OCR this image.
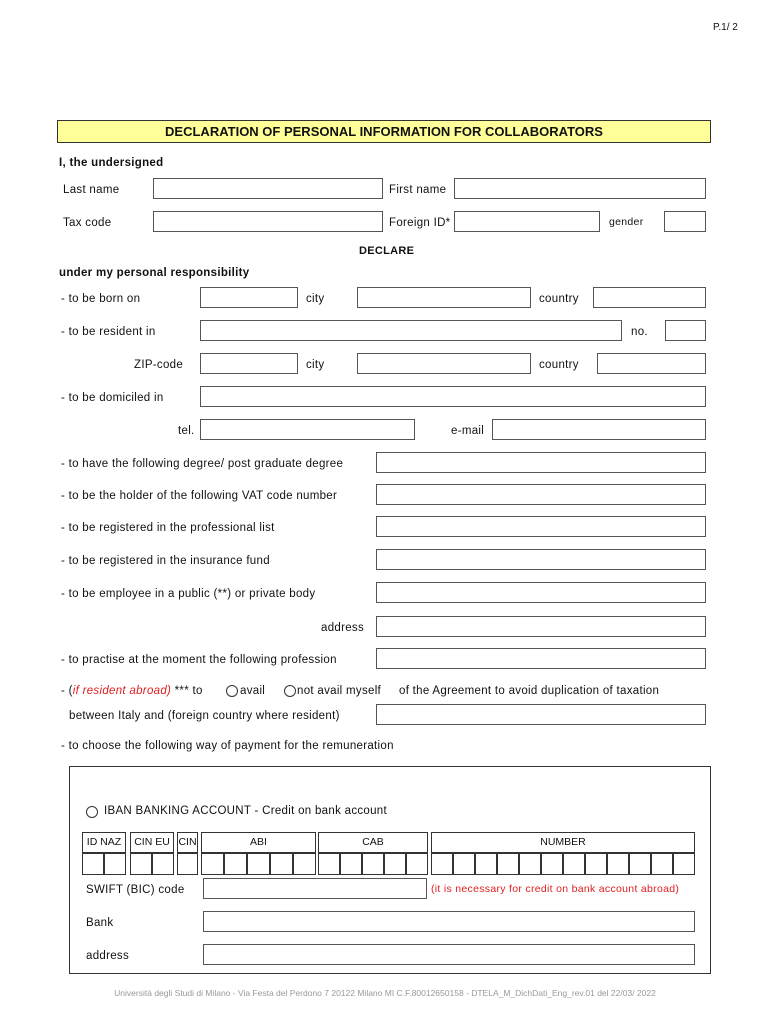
P.1/ 2
DECLARATION OF PERSONAL INFORMATION FOR COLLABORATORS
I, the undersigned
Last name	First name
Tax code	Foreign ID*	gender
DECLARE
under my personal responsibility
- to be born on	city	country
- to be resident in	no.
ZIP-code	city	country
- to be domiciled in
tel.	e-mail
- to have the following degree/ post graduate degree
- to be the holder of the following VAT code number
- to be registered in the professional list
- to be registered in the insurance fund
- to be employee in a public (**) or private body
address
- to practise at the moment the following profession
- (if resident abroad) *** to	avail	not avail myself of the Agreement to avoid duplication of taxation
between Italy and (foreign country where resident)
- to choose the following way of payment for the remuneration
IBAN BANKING ACCOUNT - Credit on bank account
ID NAZ	CIN EU CIN	ABI	CAB	NUMBER
SWIFT (BIC) code	(it is necessary for credit on bank account abroad)
Bank
address
Università degli Studi di Milano - Via Festa del Perdono 7 20122 Milano MI C.F.80012650158 - DTELA_M_DichDati_Eng_rev.01 del 22/03/ 2022
